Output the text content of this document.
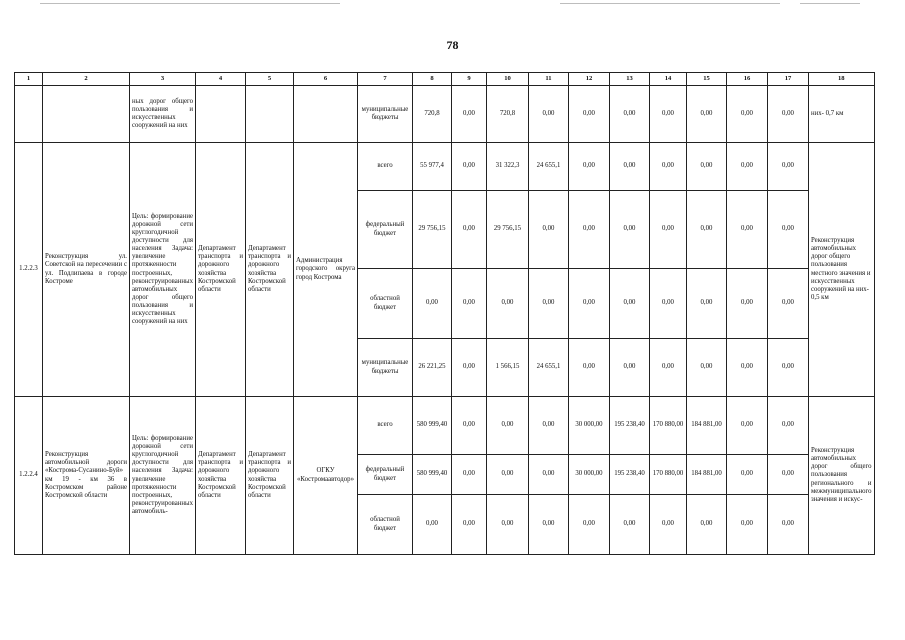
78
1	2	3	4	5	6	7	8	9	10	11	12	13	14	15	16	17	18
		ных дорог общего пользования и искусственных сооружений на них				муниципальные бюджеты	720,8	0,00	720,8	0,00	0,00	0,00	0,00	0,00	0,00	0,00	них- 0,7 км
1.2.2.3	Реконструкция ул. Советской на пересечении с ул. Подлипаева в городе Костроме	Цель: формирование дорожной сети круглогодичной доступности для населения Задача: увеличение протяженности построенных, реконструированных автомобильных дорог общего пользования и искусственных сооружений на них	Департамент транспорта и дорожного хозяйства Костромской области	Департамент транспорта и дорожного хозяйства Костромской области	Администрация городского округа город Кострома	всего	55 977,4	0,00	31 322,3	24 655,1	0,00	0,00	0,00	0,00	0,00	0,00	Реконструкция автомобильных дорог общего пользования местного значения и искусственных сооружений на них- 0,5 км
						федеральный бюджет	29 756,15	0,00	29 756,15	0,00	0,00	0,00	0,00	0,00	0,00	0,00	
						областной бюджет	0,00	0,00	0,00	0,00	0,00	0,00	0,00	0,00	0,00	0,00	
						муниципальные бюджеты	26 221,25	0,00	1 566,15	24 655,1	0,00	0,00	0,00	0,00	0,00	0,00	
1.2.2.4	Реконструкция автомобильной дороги «Кострома-Сусанино-Буй» км 19 - км 36 в Костромском районе Костромской области	Цель: формирование дорожной сети круглогодичной доступности для населения Задача: увеличение протяженности построенных, реконструированных автомобиль-	Департамент транспорта и дорожного хозяйства Костромской области	Департамент транспорта и дорожного хозяйства Костромской области	ОГКУ «Костромаавтодор»	всего	580 999,40	0,00	0,00	0,00	30 000,00	195 238,40	170 880,00	184 881,00	0,00	0,00	Реконструкция автомобильных дорог общего пользования регионального и межмуниципального значения и искус-
						федеральный бюджет	580 999,40	0,00	0,00	0,00	30 000,00	195 238,40	170 880,00	184 881,00	0,00	0,00	
						областной бюджет	0,00	0,00	0,00	0,00	0,00	0,00	0,00	0,00	0,00	0,00	
